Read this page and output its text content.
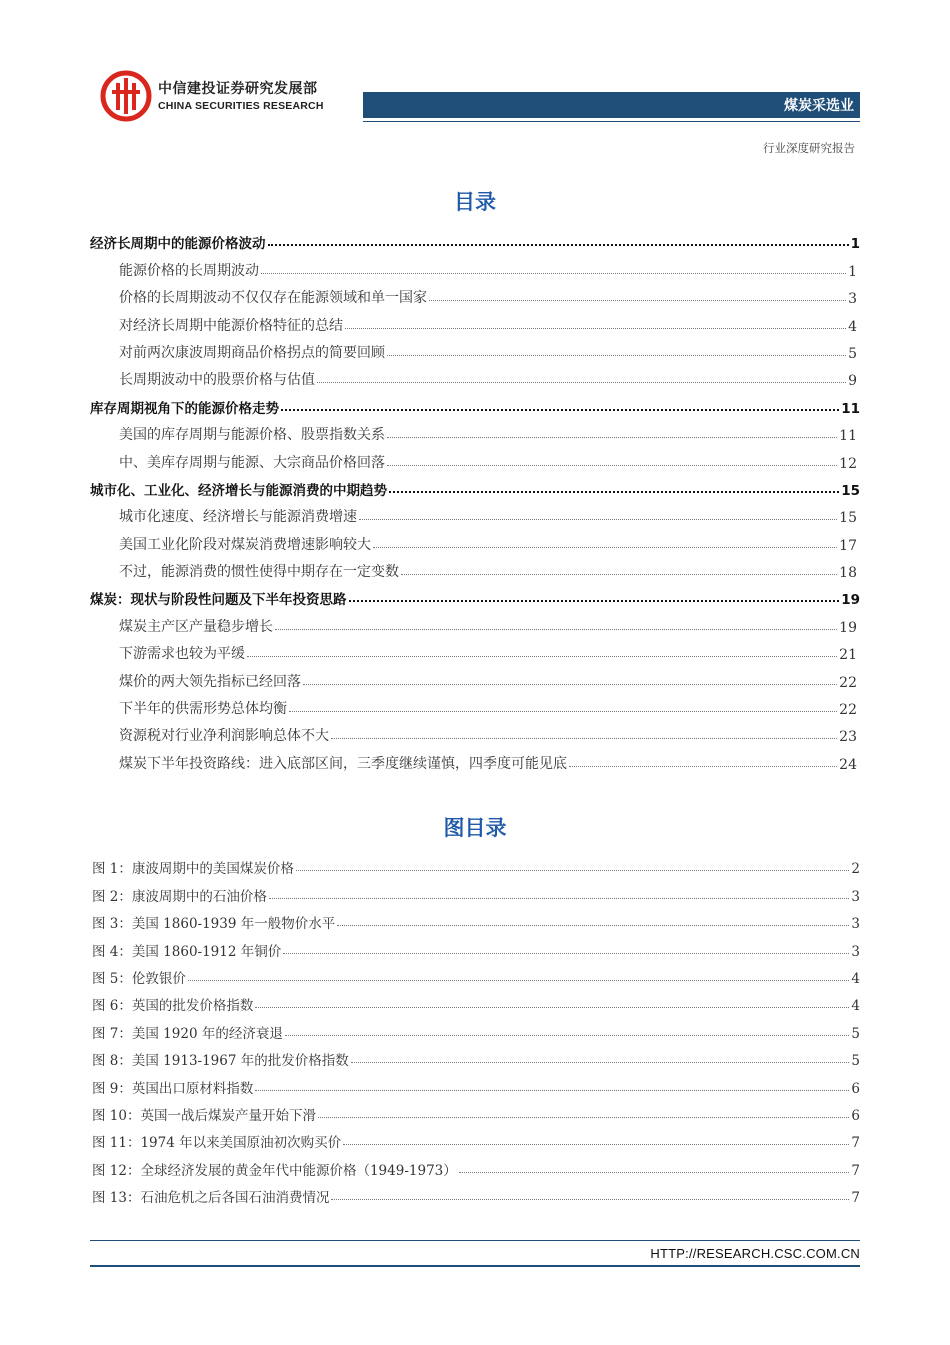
中信建投证券研究发展部
CHINA SECURITIES RESEARCH	煤炭采选业
行业深度研究报告
目录
经济长周期中的能源价格波动	1
能源价格的长周期波动	1
价格的长周期波动不仅仅存在能源领域和单一国家	3
对经济长周期中能源价格特征的总结	4
对前两次康波周期商品价格拐点的简要回顾	5
长周期波动中的股票价格与估值	9
库存周期视角下的能源价格走势	11
美国的库存周期与能源价格、股票指数关系	11
中、美库存周期与能源、大宗商品价格回落	12
城市化、工业化、经济增长与能源消费的中期趋势	15
城市化速度、经济增长与能源消费增速	15
美国工业化阶段对煤炭消费增速影响较大	17
不过，能源消费的惯性使得中期存在一定变数	18
煤炭：现状与阶段性问题及下半年投资思路	19
煤炭主产区产量稳步增长	19
下游需求也较为平缓	21
煤价的两大领先指标已经回落	22
下半年的供需形势总体均衡	22
资源税对行业净利润影响总体不大	23
煤炭下半年投资路线：进入底部区间，三季度继续谨慎，四季度可能见底	24
图目录
图 1：康波周期中的美国煤炭价格	2
图 2：康波周期中的石油价格	3
图 3：美国 1860-1939 年一般物价水平	3
图 4：美国 1860-1912 年铜价	3
图 5：伦敦银价	4
图 6：英国的批发价格指数	4
图 7：美国 1920 年的经济衰退	5
图 8：美国 1913-1967 年的批发价格指数	5
图 9：英国出口原材料指数	6
图 10：英国一战后煤炭产量开始下滑	6
图 11：1974 年以来美国原油初次购买价	7
图 12：全球经济发展的黄金年代中能源价格（1949-1973）	7
图 13：石油危机之后各国石油消费情况	7
HTTP://RESEARCH.CSC.COM.CN
